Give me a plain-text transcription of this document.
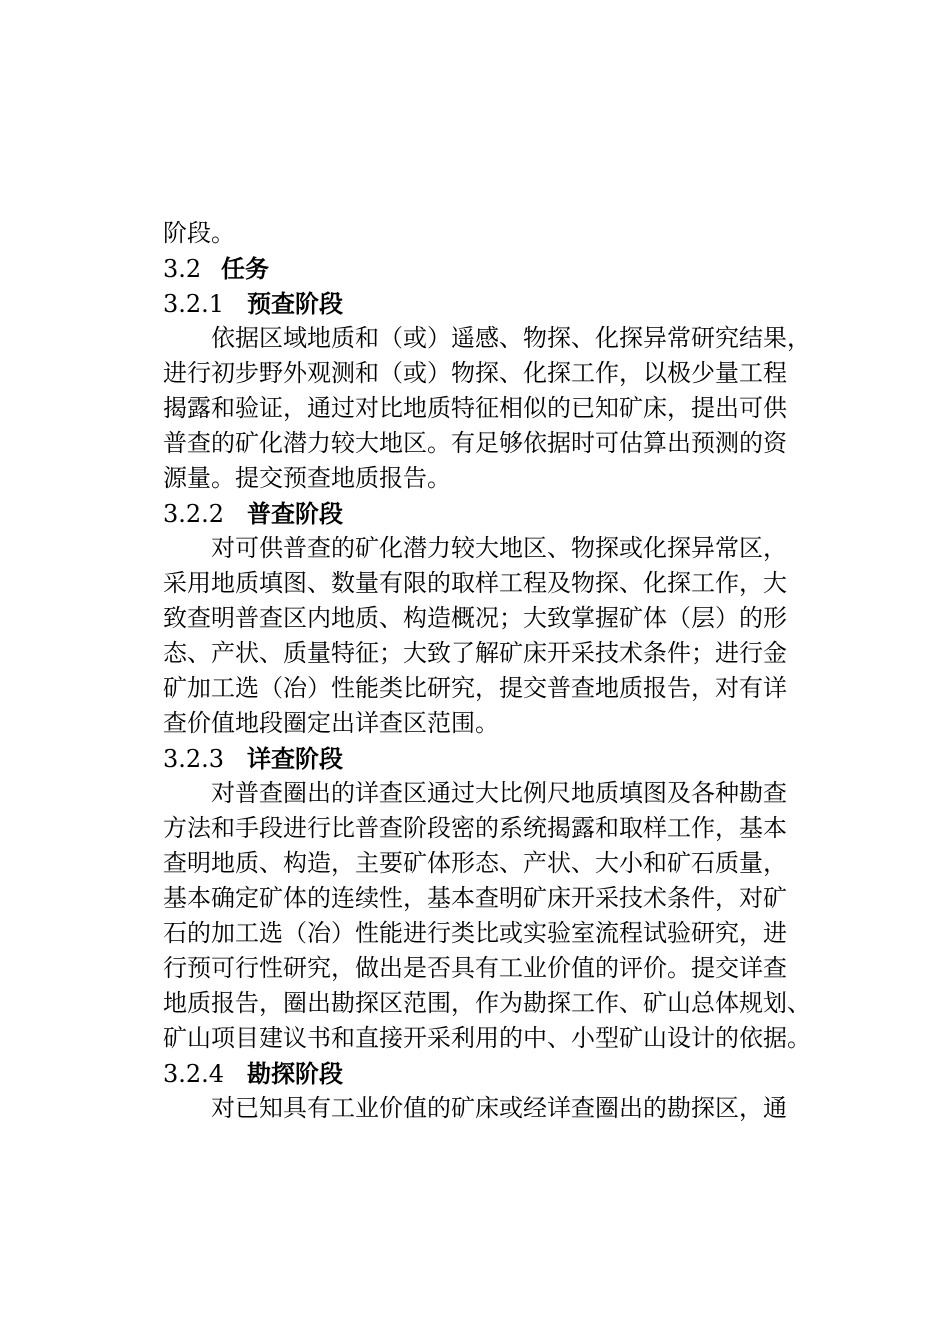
阶段。
3.2 任务
3.2.1 预查阶段
依据区域地质和（或）遥感、物探、化探异常研究结果，
进行初步野外观测和（或）物探、化探工作，以极少量工程
揭露和验证，通过对比地质特征相似的已知矿床，提出可供
普查的矿化潜力较大地区。有足够依据时可估算出预测的资
源量。提交预查地质报告。
3.2.2 普查阶段
对可供普查的矿化潜力较大地区、物探或化探异常区，
采用地质填图、数量有限的取样工程及物探、化探工作，大
致查明普查区内地质、构造概况；大致掌握矿体（层）的形
态、产状、质量特征；大致了解矿床开采技术条件；进行金
矿加工选（冶）性能类比研究，提交普查地质报告，对有详
查价值地段圈定出详查区范围。
3.2.3 详查阶段
对普查圈出的详查区通过大比例尺地质填图及各种勘查
方法和手段进行比普查阶段密的系统揭露和取样工作，基本
查明地质、构造，主要矿体形态、产状、大小和矿石质量，
基本确定矿体的连续性，基本查明矿床开采技术条件，对矿
石的加工选（冶）性能进行类比或实验室流程试验研究，进
行预可行性研究，做出是否具有工业价值的评价。提交详查
地质报告，圈出勘探区范围，作为勘探工作、矿山总体规划、
矿山项目建议书和直接开采利用的中、小型矿山设计的依据。
3.2.4 勘探阶段
对已知具有工业价值的矿床或经详查圈出的勘探区，通
